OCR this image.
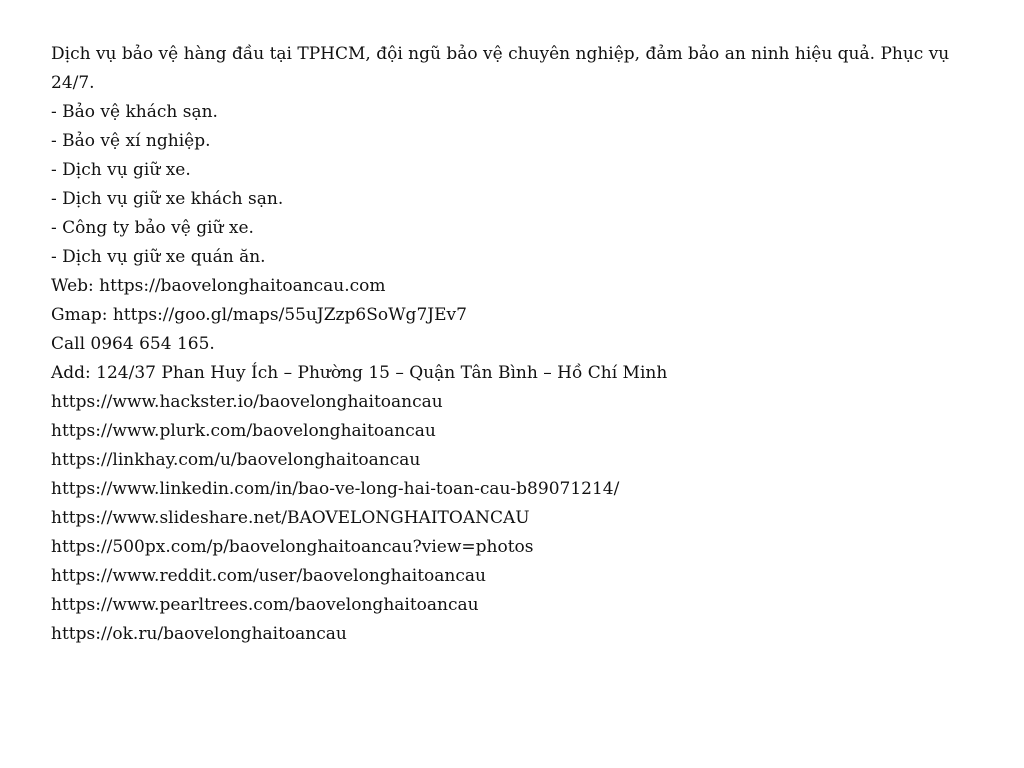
Dịch vụ bảo vệ hàng đầu tại TPHCM, đội ngũ bảo vệ chuyên nghiệp, đảm bảo an ninh hiệu quả. Phục vụ 24/7.
- Bảo vệ khách sạn.
- Bảo vệ xí nghiệp.
- Dịch vụ giữ xe.
- Dịch vụ giữ xe khách sạn.
- Công ty bảo vệ giữ xe.
- Dịch vụ giữ xe quán ăn.
Web: https://baovelonghaitoancau.com
Gmap: https://goo.gl/maps/55uJZzp6SoWg7JEv7
Call 0964 654 165.
Add: 124/37 Phan Huy Ích – Phường 15 – Quận Tân Bình – Hồ Chí Minh
https://www.hackster.io/baovelonghaitoancau
https://www.plurk.com/baovelonghaitoancau
https://linkhay.com/u/baovelonghaitoancau
https://www.linkedin.com/in/bao-ve-long-hai-toan-cau-b89071214/
https://www.slideshare.net/BAOVELONGHAITOANCAU
https://500px.com/p/baovelonghaitoancau?view=photos
https://www.reddit.com/user/baovelonghaitoancau
https://www.pearltrees.com/baovelonghaitoancau
https://ok.ru/baovelonghaitoancau
